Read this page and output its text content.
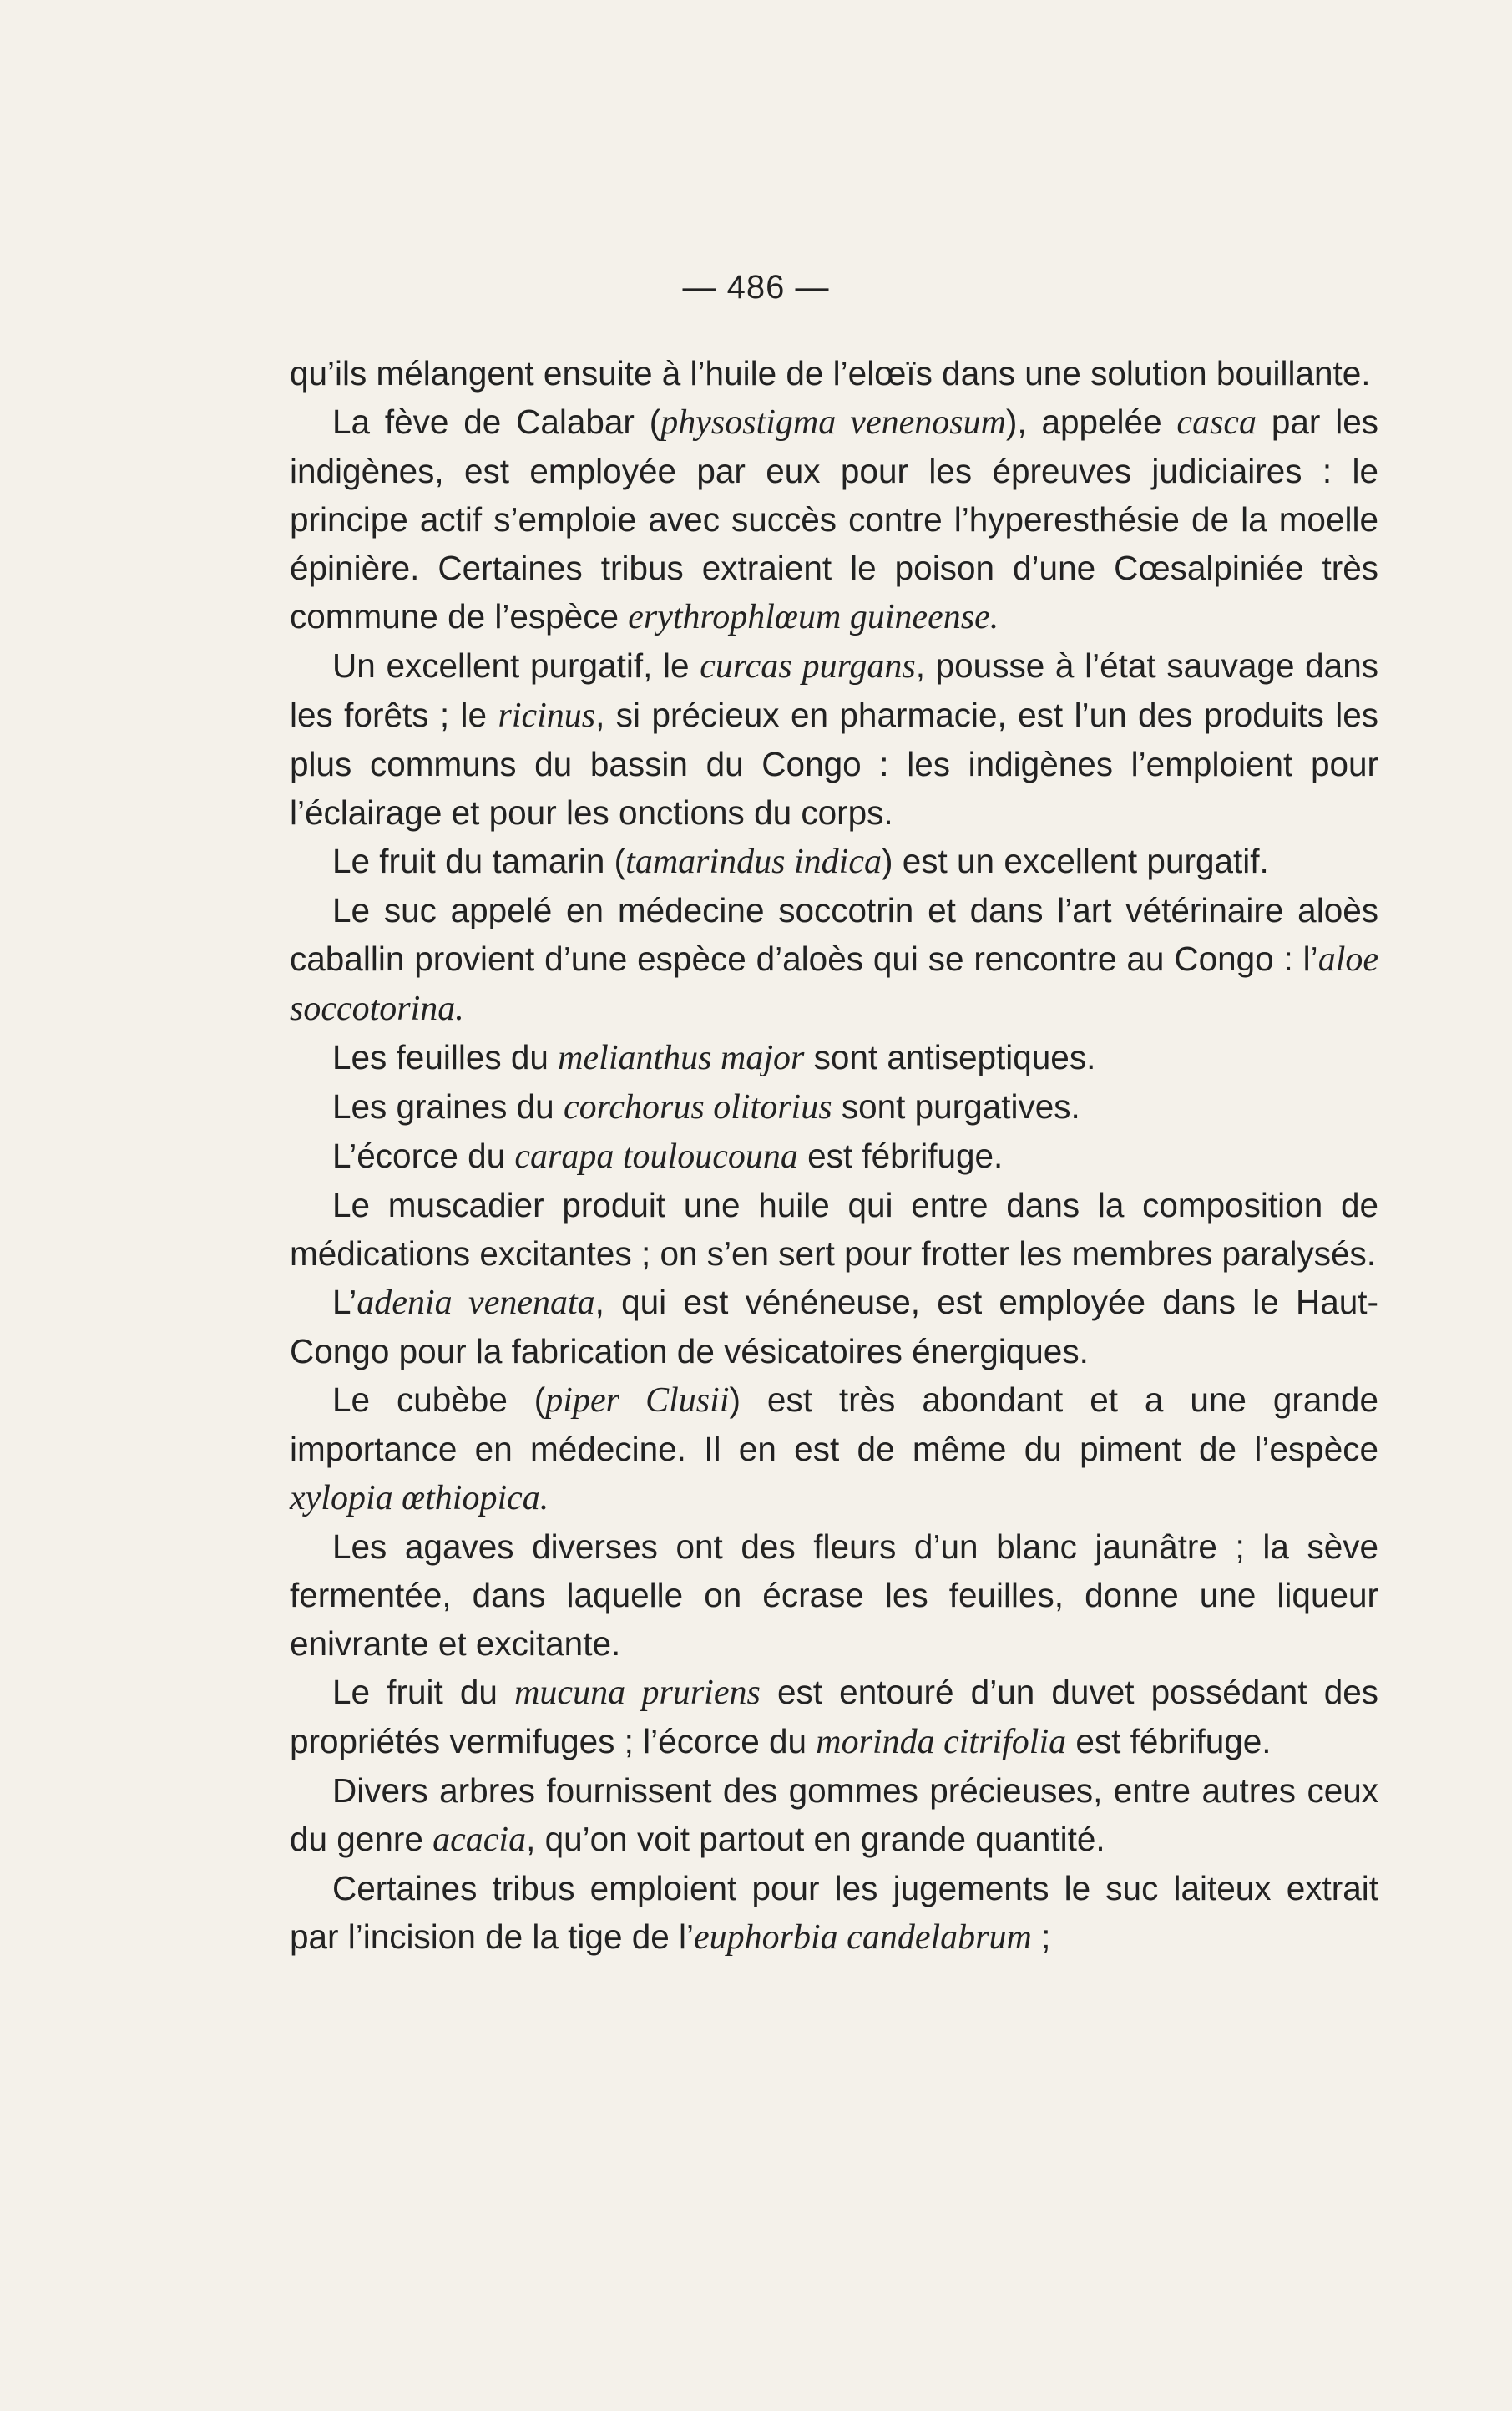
— 486 —

qu’ils mélangent ensuite à l’huile de l’elœïs dans une solution bouillante.

La fève de Calabar (physostigma venenosum), appelée casca par les indigènes, est employée par eux pour les épreuves judiciaires : le principe actif s’emploie avec succès contre l’hyperesthésie de la moelle épinière. Certaines tribus extraient le poison d’une Cœsalpiniée très commune de l’espèce erythrophlœum guineense.

Un excellent purgatif, le curcas purgans, pousse à l’état sauvage dans les forêts ; le ricinus, si précieux en pharmacie, est l’un des produits les plus communs du bassin du Congo : les indigènes l’emploient pour l’éclairage et pour les onctions du corps.

Le fruit du tamarin (tamarindus indica) est un excellent purgatif.

Le suc appelé en médecine soccotrin et dans l’art vétérinaire aloès caballin provient d’une espèce d’aloès qui se rencontre au Congo : l’aloe soccotorina.

Les feuilles du melianthus major sont antiseptiques.

Les graines du corchorus olitorius sont purgatives.

L’écorce du carapa touloucouna est fébrifuge.

Le muscadier produit une huile qui entre dans la composition de médications excitantes ; on s’en sert pour frotter les membres paralysés.

L’adenia venenata, qui est vénéneuse, est employée dans le Haut-Congo pour la fabrication de vésicatoires énergiques.

Le cubèbe (piper Clusii) est très abondant et a une grande importance en médecine. Il en est de même du piment de l’espèce xylopia œthiopica.

Les agaves diverses ont des fleurs d’un blanc jaunâtre ; la sève fermentée, dans laquelle on écrase les feuilles, donne une liqueur enivrante et excitante.

Le fruit du mucuna pruriens est entouré d’un duvet possédant des propriétés vermifuges ; l’écorce du morinda citrifolia est fébrifuge.

Divers arbres fournissent des gommes précieuses, entre autres ceux du genre acacia, qu’on voit partout en grande quantité.

Certaines tribus emploient pour les jugements le suc laiteux extrait par l’incision de la tige de l’euphorbia candelabrum ;
